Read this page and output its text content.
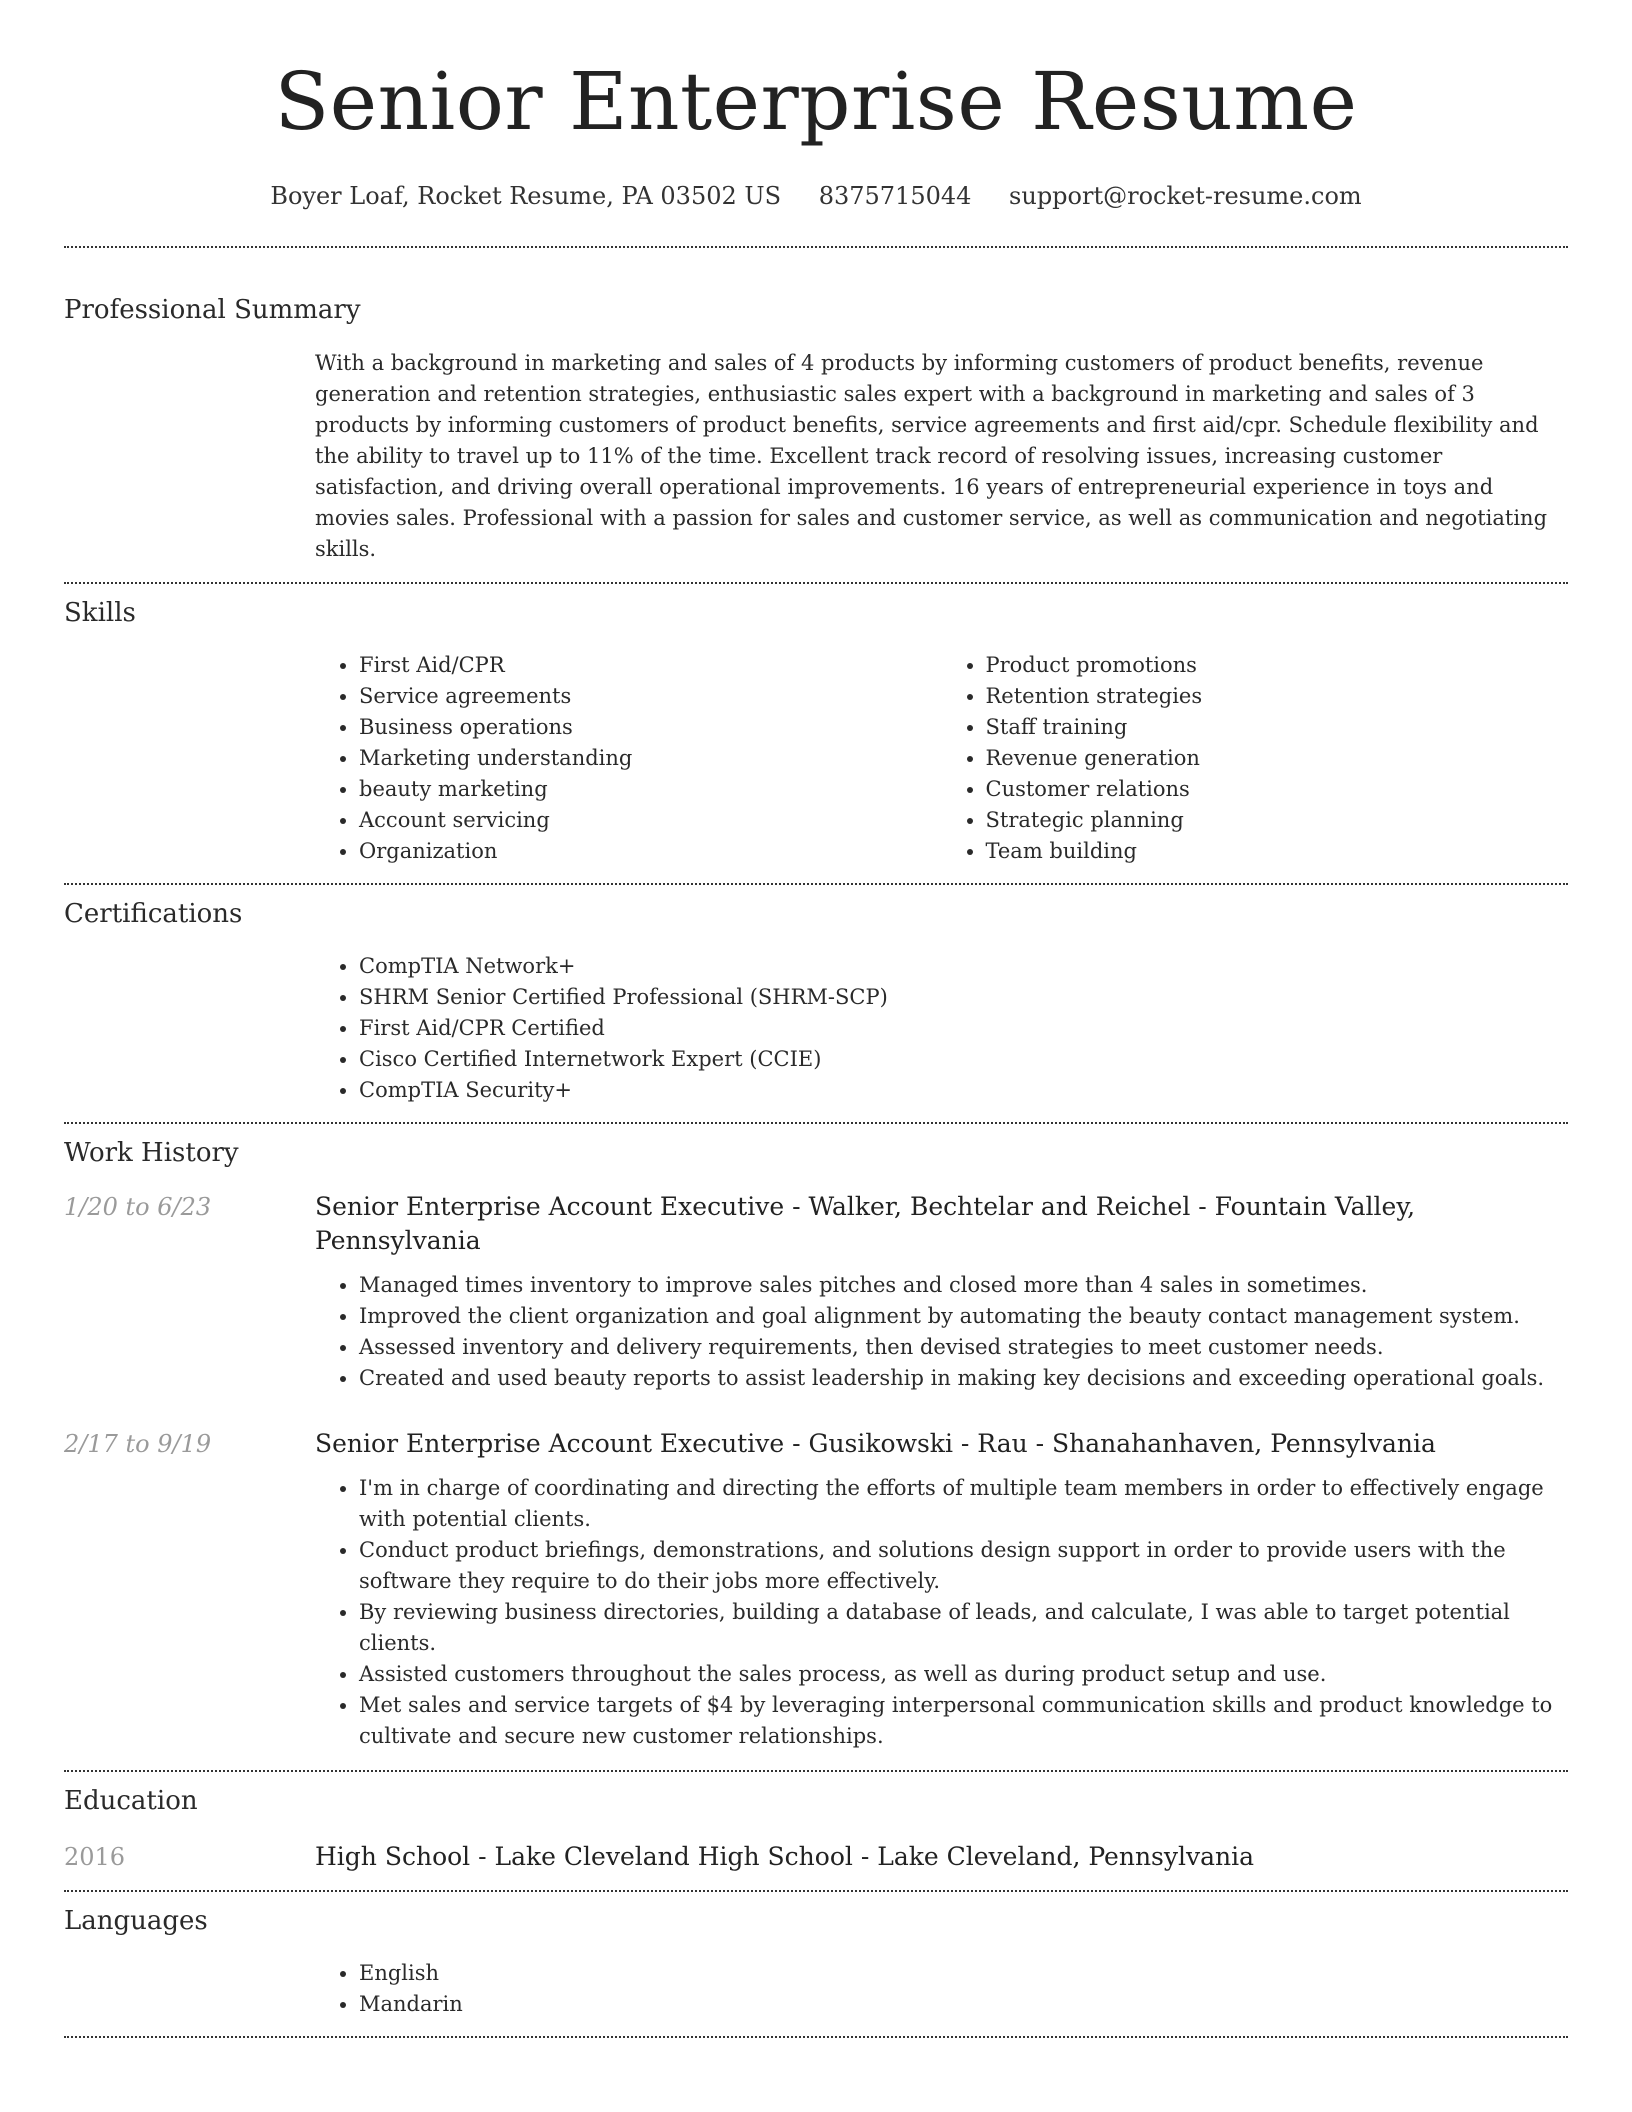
Senior Enterprise Resume
Boyer Loaf, Rocket Resume, PA 03502 US 8375715044 support@rocket-resume.com
Professional Summary
With a background in marketing and sales of 4 products by informing customers of product benefits, revenue generation and retention strategies, enthusiastic sales expert with a background in marketing and sales of 3 products by informing customers of product benefits, service agreements and first aid/cpr. Schedule flexibility and the ability to travel up to 11% of the time. Excellent track record of resolving issues, increasing customer satisfaction, and driving overall operational improvements. 16 years of entrepreneurial experience in toys and movies sales. Professional with a passion for sales and customer service, as well as communication and negotiating skills.
Skills
• First Aid/CPR
• Service agreements
• Business operations
• Marketing understanding
• beauty marketing
• Account servicing
• Organization
• Product promotions
• Retention strategies
• Staff training
• Revenue generation
• Customer relations
• Strategic planning
• Team building
Certifications
• CompTIA Network+
• SHRM Senior Certified Professional (SHRM-SCP)
• First Aid/CPR Certified
• Cisco Certified Internetwork Expert (CCIE)
• CompTIA Security+
Work History
1/20 to 6/23	Senior Enterprise Account Executive - Walker, Bechtelar and Reichel - Fountain Valley, Pennsylvania
• Managed times inventory to improve sales pitches and closed more than 4 sales in sometimes.
• Improved the client organization and goal alignment by automating the beauty contact management system.
• Assessed inventory and delivery requirements, then devised strategies to meet customer needs.
• Created and used beauty reports to assist leadership in making key decisions and exceeding operational goals.
2/17 to 9/19	Senior Enterprise Account Executive - Gusikowski - Rau - Shanahanhaven, Pennsylvania
• I'm in charge of coordinating and directing the efforts of multiple team members in order to effectively engage with potential clients.
• Conduct product briefings, demonstrations, and solutions design support in order to provide users with the software they require to do their jobs more effectively.
• By reviewing business directories, building a database of leads, and calculate, I was able to target potential clients.
• Assisted customers throughout the sales process, as well as during product setup and use.
• Met sales and service targets of $4 by leveraging interpersonal communication skills and product knowledge to cultivate and secure new customer relationships.
Education
2016	High School - Lake Cleveland High School - Lake Cleveland, Pennsylvania
Languages
• English
• Mandarin
